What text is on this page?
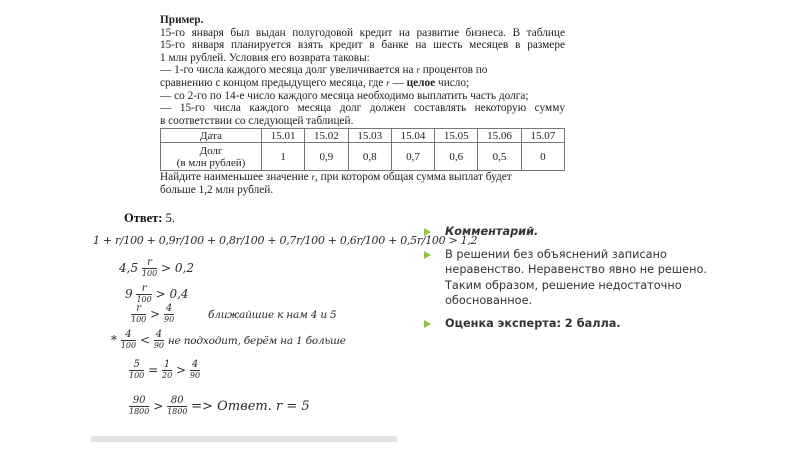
Пример.
15-го января был выдан полугодовой кредит на развитие бизнеса. В таблице
15-го января планируется взять кредит в банке на шесть месяцев в размере
1 млн рублей. Условия его возврата таковы:
— 1-го числа каждого месяца долг увеличивается на r процентов по
сравнению с концом предыдущего месяца, где r — целое число;
— со 2-го по 14-е число каждого месяца необходимо выплатить часть долга;
— 15-го числа каждого месяца долг должен составлять некоторую сумму
в соответствии со следующей таблицей.
Дата	15.01	15.02	15.03	15.04	15.05	15.06	15.07

Долг
(в млн рублей)	1	0,9	0,8	0,7	0,6	0,5	0
Найдите наименьшее значение r, при котором общая сумма выплат будет
больше 1,2 млн рублей.
Ответ: 5.
1 + r/100 + 0,9r/100 + 0,8r/100 + 0,7r/100 + 0,6r/100 + 0,5r/100 > 1,2
$4,5 \frac{r}{100} > 0,2$
$9 \frac{r}{100} > 0,4$
$\frac{r}{100} > \frac{4}{90}$	ближайшие к нам 4 и 5
* $\frac{4}{100} < \frac{4}{90}$ не подходит, берём на 1 больше
$\frac{5}{100} = \frac{1}{20} > \frac{4}{90}$
$\frac{90}{1800} > \frac{80}{1800}$ => Ответ. r = 5
Комментарий.
В решении без объяснений записано неравенство. Неравенство явно не решено. Таким образом, решение недостаточно обоснованное.
Оценка эксперта: 2 балла.
